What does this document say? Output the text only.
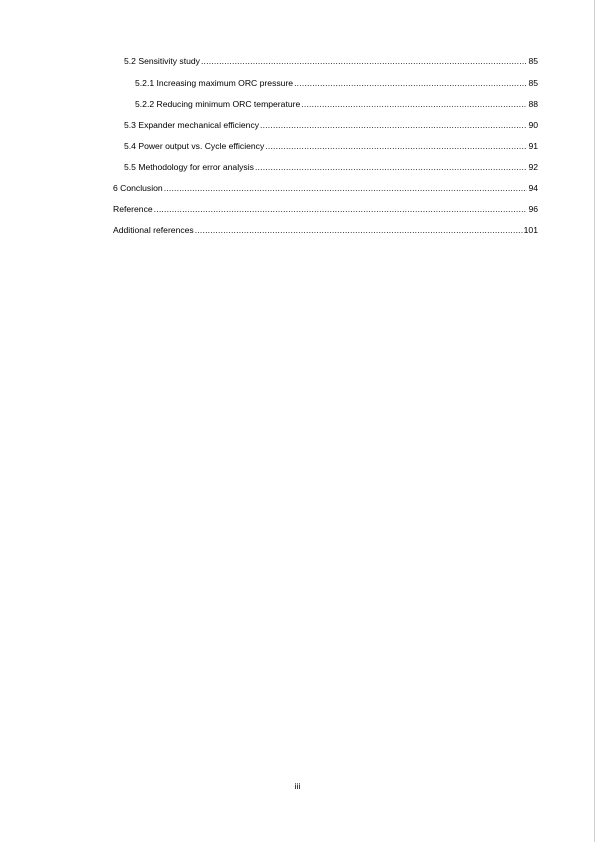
5.2 Sensitivity study .....	85
5.2.1 Increasing maximum ORC pressure .....	85
5.2.2 Reducing minimum ORC temperature .....	88
5.3 Expander mechanical efficiency .....	90
5.4 Power output vs. Cycle efficiency .....	91
5.5 Methodology for error analysis .....	92
6 Conclusion .....	94
Reference .....	96
Additional references .....	101
iii
